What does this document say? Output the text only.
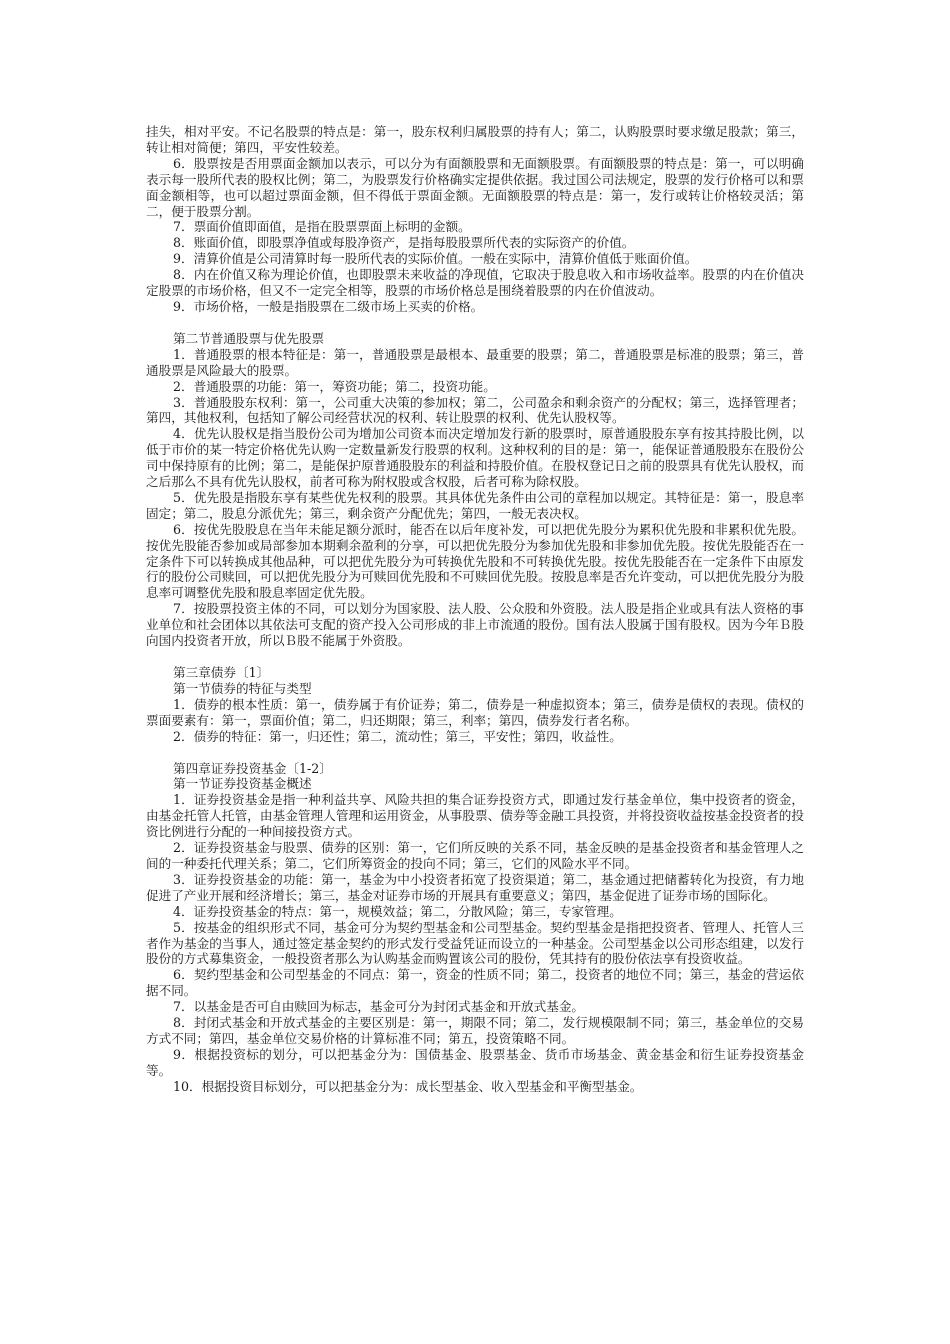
挂失，相对平安。不记名股票的特点是：第一，股东权利归属股票的持有人；第二，认购股票时要求缴足股款；第三，转让相对简便；第四，平安性较差。

6．股票按是否用票面金额加以表示，可以分为有面额股票和无面额股票。有面额股票的特点是：第一，可以明确表示每一股所代表的股权比例；第二，为股票发行价格确实定提供依据。我过国公司法规定，股票的发行价格可以和票面金额相等，也可以超过票面金额，但不得低于票面金额。无面额股票的特点是：第一，发行或转让价格较灵活；第二，便于股票分割。

7．票面价值即面值，是指在股票票面上标明的金额。

8．账面价值，即股票净值或每股净资产，是指每股股票所代表的实际资产的价值。

9．清算价值是公司清算时每一股所代表的实际价值。一般在实际中，清算价值低于账面价值。

8．内在价值又称为理论价值，也即股票未来收益的净现值，它取决于股息收入和市场收益率。股票的内在价值决定股票的市场价格，但又不一定完全相等，股票的市场价格总是围绕着股票的内在价值波动。

9．市场价格，一般是指股票在二级市场上买卖的价格。

第二节普通股票与优先股票

1．普通股票的根本特征是：第一，普通股票是最根本、最重要的股票；第二，普通股票是标准的股票；第三，普通股票是风险最大的股票。

2．普通股票的功能：第一，筹资功能；第二，投资功能。

3．普通股股东权利：第一，公司重大决策的参加权；第二，公司盈余和剩余资产的分配权；第三，选择管理者；第四，其他权利，包括知了解公司经营状况的权利、转让股票的权利、优先认股权等。

4．优先认股权是指当股份公司为增加公司资本而决定增加发行新的股票时，原普通股股东享有按其持股比例，以低于市价的某一特定价格优先认购一定数量新发行股票的权利。这种权利的目的是：第一，能保证普通股股东在股份公司中保持原有的比例；第二，是能保护原普通股股东的利益和持股价值。在股权登记日之前的股票具有优先认股权，而之后那么不具有优先认股权，前者可称为附权股或含权股，后者可称为除权股。

5．优先股是指股东享有某些优先权利的股票。其具体优先条件由公司的章程加以规定。其特征是：第一，股息率固定；第二，股息分派优先；第三，剩余资产分配优先；第四，一般无表决权。

6．按优先股股息在当年未能足额分派时，能否在以后年度补发，可以把优先股分为累积优先股和非累积优先股。按优先股能否参加或局部参加本期剩余盈利的分享，可以把优先股分为参加优先股和非参加优先股。按优先股能否在一定条件下可以转换成其他品种，可以把优先股分为可转换优先股和不可转换优先股。按优先股能否在一定条件下由原发行的股份公司赎回，可以把优先股分为可赎回优先股和不可赎回优先股。按股息率是否允许变动，可以把优先股分为股息率可调整优先股和股息率固定优先股。

7．按股票投资主体的不同，可以划分为国家股、法人股、公众股和外资股。法人股是指企业或具有法人资格的事业单位和社会团体以其依法可支配的资产投入公司形成的非上市流通的股份。国有法人股属于国有股权。因为今年Ｂ股向国内投资者开放，所以Ｂ股不能属于外资股。

第三章债券〔1〕

第一节债券的特征与类型

1．债券的根本性质：第一，债券属于有价证券；第二，债券是一种虚拟资本；第三，债券是债权的表现。债权的票面要素有：第一，票面价值；第二，归还期限；第三，利率；第四，债券发行者名称。

2．债券的特征：第一，归还性；第二，流动性；第三，平安性；第四，收益性。

第四章证券投资基金〔1-2〕

第一节证券投资基金概述

1．证券投资基金是指一种利益共享、风险共担的集合证券投资方式，即通过发行基金单位，集中投资者的资金，由基金托管人托管，由基金管理人管理和运用资金，从事股票、债券等金融工具投资，并将投资收益按基金投资者的投资比例进行分配的一种间接投资方式。

2．证券投资基金与股票、债券的区别：第一，它们所反映的关系不同，基金反映的是基金投资者和基金管理人之间的一种委托代理关系；第二，它们所筹资金的投向不同；第三，它们的风险水平不同。

3．证券投资基金的功能：第一，基金为中小投资者拓宽了投资渠道；第二，基金通过把储蓄转化为投资，有力地促进了产业开展和经济增长；第三，基金对证券市场的开展具有重要意义；第四，基金促进了证券市场的国际化。

4．证券投资基金的特点：第一，规模效益；第二，分散风险；第三，专家管理。

5．按基金的组织形式不同，基金可分为契约型基金和公司型基金。契约型基金是指把投资者、管理人、托管人三者作为基金的当事人，通过签定基金契约的形式发行受益凭证而设立的一种基金。公司型基金以公司形态组建，以发行股份的方式募集资金，一般投资者那么为认购基金而购置该公司的股份，凭其持有的股份依法享有投资收益。

6．契约型基金和公司型基金的不同点：第一，资金的性质不同；第二，投资者的地位不同；第三，基金的营运依据不同。

7．以基金是否可自由赎回为标志，基金可分为封闭式基金和开放式基金。

8．封闭式基金和开放式基金的主要区别是：第一，期限不同；第二，发行规模限制不同；第三，基金单位的交易方式不同；第四，基金单位交易价格的计算标准不同；第五，投资策略不同。

9．根据投资标的划分，可以把基金分为：国债基金、股票基金、货币市场基金、黄金基金和衍生证券投资基金等。

10．根据投资目标划分，可以把基金分为：成长型基金、收入型基金和平衡型基金。
